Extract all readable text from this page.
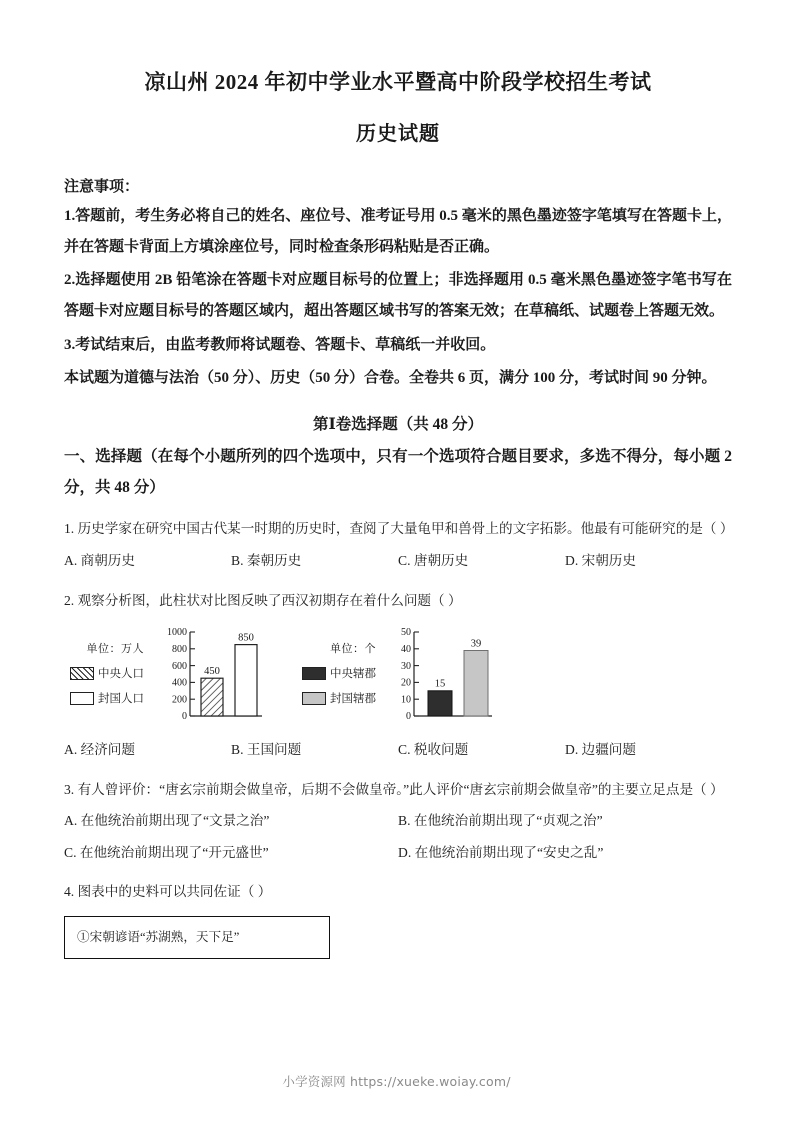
凉山州 2024 年初中学业水平暨高中阶段学校招生考试
历史试题
注意事项：
1.答题前，考生务必将自己的姓名、座位号、准考证号用 0.5 毫米的黑色墨迹签字笔填写在答题卡上，并在答题卡背面上方填涂座位号，同时检查条形码粘贴是否正确。
2.选择题使用 2B 铅笔涂在答题卡对应题目标号的位置上；非选择题用 0.5 毫米黑色墨迹签字笔书写在答题卡对应题目标号的答题区域内，超出答题区域书写的答案无效；在草稿纸、试题卷上答题无效。
3.考试结束后，由监考教师将试题卷、答题卡、草稿纸一并收回。
本试题为道德与法治（50 分）、历史（50 分）合卷。全卷共 6 页，满分 100 分，考试时间 90 分钟。
第Ⅰ卷选择题（共 48 分）
一、选择题（在每个小题所列的四个选项中，只有一个选项符合题目要求，多选不得分，每小题 2 分，共 48 分）
1. 历史学家在研究中国古代某一时期的历史时，查阅了大量龟甲和兽骨上的文字拓影。他最有可能研究的是（ ）
A. 商朝历史	B. 秦朝历史	C. 唐朝历史	D. 宋朝历史
2. 观察分析图，此柱状对比图反映了西汉初期存在着什么问题（ ）
单位：万人
中央人口
封国人口
0
200
400
600
800
1000
450
850
单位：个
中央辖郡
封国辖郡
0
10
20
30
40
50
15
39
A. 经济问题	B. 王国问题	C. 税收问题	D. 边疆问题
3. 有人曾评价：“唐玄宗前期会做皇帝，后期不会做皇帝。”此人评价“唐玄宗前期会做皇帝”的主要立足点是（ ）
A. 在他统治前期出现了“文景之治”	B. 在他统治前期出现了“贞观之治”
C. 在他统治前期出现了“开元盛世”	D. 在他统治前期出现了“安史之乱”
4. 图表中的史料可以共同佐证（ ）
①宋朝谚语“苏湖熟，天下足”
小学资源网 https://xueke.woiay.com/
